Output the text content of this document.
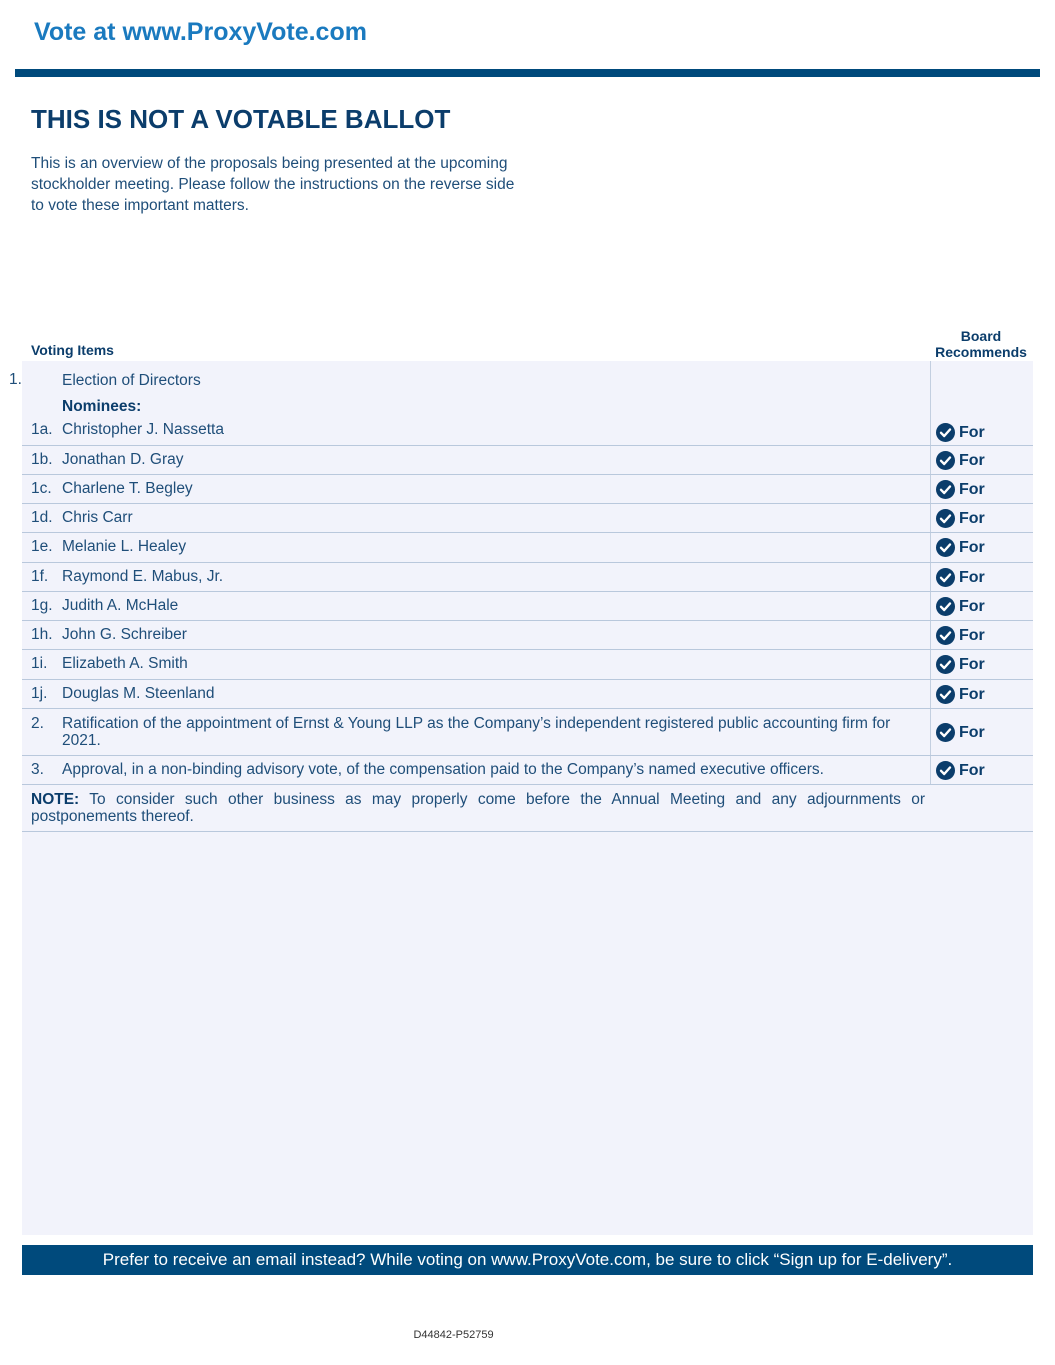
Vote at www.ProxyVote.com
THIS IS NOT A VOTABLE BALLOT
This is an overview of the proposals being presented at the upcoming stockholder meeting. Please follow the instructions on the reverse side to vote these important matters.
Voting Items
Board
Recommends
1.	Election of Directors
Nominees:
1a. Christopher J. Nassetta	For
1b. Jonathan D. Gray	For
1c. Charlene T. Begley	For
1d. Chris Carr	For
1e. Melanie L. Healey	For
1f. Raymond E. Mabus, Jr.	For
1g. Judith A. McHale	For
1h. John G. Schreiber	For
1i. Elizabeth A. Smith	For
1j. Douglas M. Steenland	For
2. Ratification of the appointment of Ernst & Young LLP as the Company’s independent registered public accounting firm for 2021.	For
3. Approval, in a non-binding advisory vote, of the compensation paid to the Company’s named executive officers.	For
NOTE: To consider such other business as may properly come before the Annual Meeting and any adjournments or postponements thereof.
Prefer to receive an email instead? While voting on www.ProxyVote.com, be sure to click “Sign up for E-delivery”.
D44842-P52759
